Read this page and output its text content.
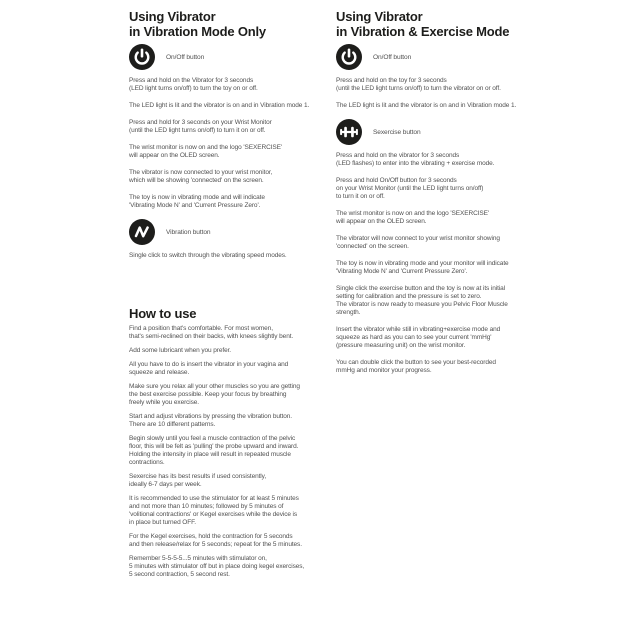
Using Vibrator
in Vibration Mode Only
On/Off button

Press and hold on the Vibrator for 3 seconds
(LED light turns on/off) to turn the toy on or off.

The LED light is lit and the vibrator is on and in Vibration mode 1.

Press and hold for 3 seconds on your Wrist Monitor
(until the LED light turns on/off) to turn it on or off.

The wrist monitor is now on and the logo 'SEXERCISE'
will appear on the OLED screen.

The vibrator is now connected to your wrist monitor,
which will be showing 'connected' on the screen.

The toy is now in vibrating mode and will indicate
'Vibrating Mode N' and 'Current Pressure Zero'.

Vibration button

Single click to switch through the vibrating speed modes.

How to use

Find a position that's comfortable. For most women,
that's semi-reclined on their backs, with knees slightly bent.

Add some lubricant when you prefer.

All you have to do is insert the vibrator in your vagina and
squeeze and release.

Make sure you relax all your other muscles so you are getting
the best exercise possible. Keep your focus by breathing
freely while you exercise.

Start and adjust vibrations by pressing the vibration button.
There are 10 different patterns.

Begin slowly until you feel a muscle contraction of the pelvic
floor, this will be felt as 'pulling' the probe upward and inward.
Holding the intensity in place will result in repeated muscle
contractions.

Sexercise has its best results if used consistently,
ideally 6-7 days per week.

It is recommended to use the stimulator for at least 5 minutes
and not more than 10 minutes; followed by 5 minutes of
'volitional contractions' or Kegel exercises while the device is
in place but turned OFF.

For the Kegel exercises, hold the contraction for 5 seconds
and then release/relax for 5 seconds; repeat for the 5 minutes.

Remember 5-5-5-5...5 minutes with stimulator on,
5 minutes with stimulator off but in place doing kegel exercises,
5 second contraction, 5 second rest.

Using Vibrator
in Vibration & Exercise Mode
On/Off button

Press and hold on the toy for 3 seconds
(until the LED light turns on/off) to turn the vibrator on or off.

The LED light is lit and the vibrator is on and in Vibration mode 1.

Sexercise button

Press and hold on the vibrator for 3 seconds
(LED flashes) to enter into the vibrating + exercise mode.

Press and hold On/Off button for 3 seconds
on your Wrist Monitor (until the LED light turns on/off)
to turn it on or off.

The wrist monitor is now on and the logo 'SEXERCISE'
will appear on the OLED screen.

The vibrator will now connect to your wrist monitor showing
'connected' on the screen.

The toy is now in vibrating mode and your monitor will indicate
'Vibrating Mode N' and 'Current Pressure Zero'.

Single click the exercise button and the toy is now at its initial
setting for calibration and the pressure is set to zero.
The vibrator is now ready to measure you Pelvic Floor Muscle
strength.

Insert the vibrator while still in vibrating+exercise mode and
squeeze as hard as you can to see your current 'mmHg'
(pressure measuring unit) on the wrist monitor.

You can double click the button to see your best-recorded
mmHg and monitor your progress.
